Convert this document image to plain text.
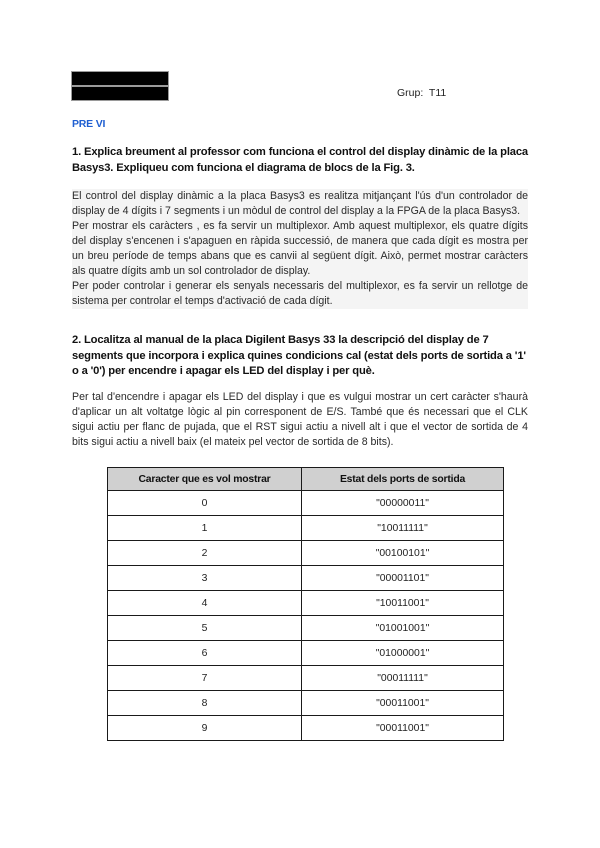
Grup: T11
PRE VI
1. Explica breument al professor com funciona el control del display dinàmic de la placa Basys3. Expliqueu com funciona el diagrama de blocs de la Fig. 3.

El control del display dinàmic a la placa Basys3 es realitza mitjançant l'ús d'un controlador de display de 4 dígits i 7 segments i un mòdul de control del display a la FPGA de la placa Basys3.

Per mostrar els caràcters , es fa servir un multiplexor. Amb aquest multiplexor, els quatre dígits del display s'encenen i s'apaguen en ràpida successió, de manera que cada dígit es mostra per un breu període de temps abans que es canvii al següent dígit. Això, permet mostrar caràcters als quatre dígits amb un sol controlador de display.

Per poder controlar i generar els senyals necessaris del multiplexor, es fa servir un rellotge de sistema per controlar el temps d'activació de cada dígit.

2. Localitza al manual de la placa Digilent Basys 33 la descripció del display de 7 segments que incorpora i explica quines condicions cal (estat dels ports de sortida a '1' o a '0') per encendre i apagar els LED del display i per què.

Per tal d'encendre i apagar els LED del display i que es vulgui mostrar un cert caràcter s'haurà d'aplicar un alt voltatge lògic al pin corresponent de E/S. També que és necessari que el CLK sigui actiu per flanc de pujada, que el RST sigui actiu a nivell alt i que el vector de sortida de 4 bits sigui actiu a nivell baix (el mateix pel vector de sortida de 8 bits).

Caracter que es vol mostrar	Estat dels ports de sortida
0	"00000011"
1	"10011111"
2	"00100101"
3	"00001101"
4	"10011001"
5	"01001001"
6	"01000001"
7	"00011111"
8	"00011001"
9	"00011001"
